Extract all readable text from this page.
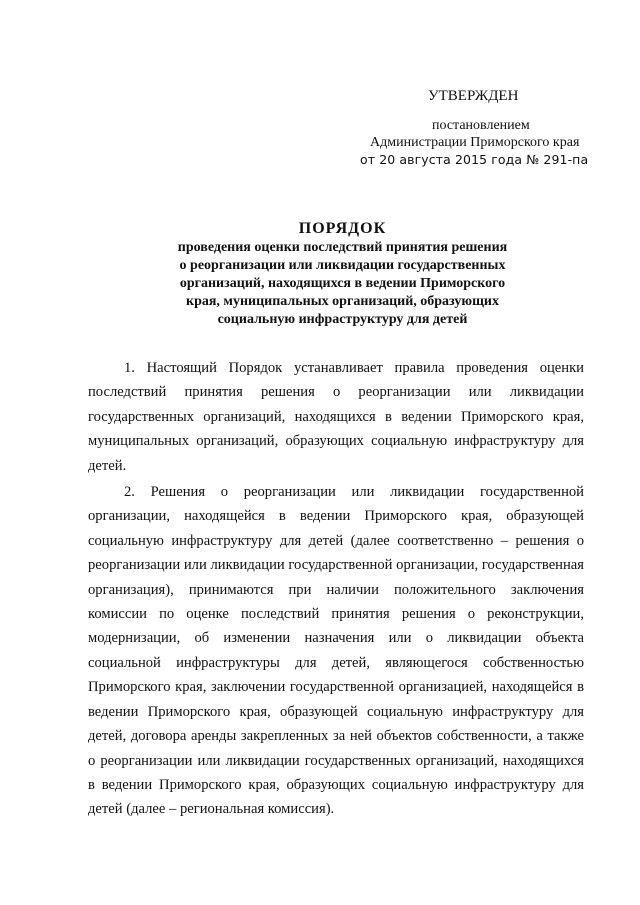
УТВЕРЖДЕН
постановлением
Администрации Приморского края
от 20 августа 2015 года № 291-па
ПОРЯДОК
проведения оценки последствий принятия решения
о реорганизации или ликвидации государственных
организаций, находящихся в ведении Приморского
края, муниципальных организаций, образующих
социальную инфраструктуру для детей

1. Настоящий Порядок устанавливает правила проведения оценки последствий принятия решения о реорганизации или ликвидации государственных организаций, находящихся в ведении Приморского края, муниципальных организаций, образующих социальную инфраструктуру для детей.

2. Решения о реорганизации или ликвидации государственной организации, находящейся в ведении Приморского края, образующей социальную инфраструктуру для детей (далее соответственно – решения о реорганизации или ликвидации государственной организации, государственная организация), принимаются при наличии положительного заключения комиссии по оценке последствий принятия решения о реконструкции, модернизации, об изменении назначения или о ликвидации объекта социальной инфраструктуры для детей, являющегося собственностью Приморского края, заключении государственной организацией, находящейся в ведении Приморского края, образующей социальную инфраструктуру для детей, договора аренды закрепленных за ней объектов собственности, а также о реорганизации или ликвидации государственных организаций, находящихся в ведении Приморского края, образующих социальную инфраструктуру для детей (далее – региональная комиссия).
